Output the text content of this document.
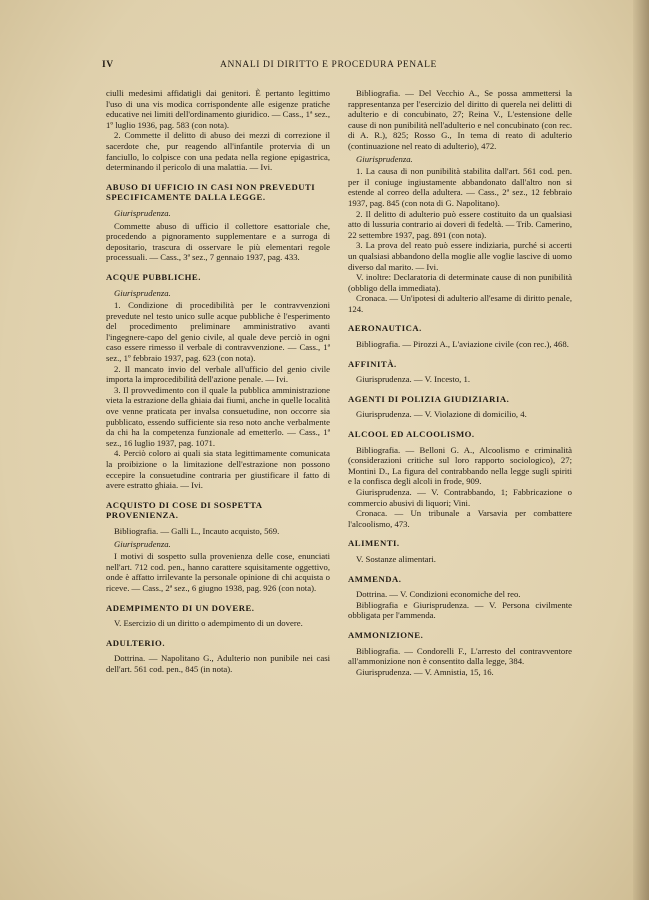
IV	ANNALI DI DIRITTO E PROCEDURA PENALE

ciulli medesimi affidatigli dai genitori. È pertanto legittimo l'uso di una vis modica corrispondente alle esigenze pratiche educative nei limiti dell'ordinamento giuridico. — Cass., 1ª sez., 1º luglio 1936, pag. 583 (con nota).

2. Commette il delitto di abuso dei mezzi di correzione il sacerdote che, pur reagendo all'infantile protervia di un fanciullo, lo colpisce con una pedata nella regione epigastrica, determinando il pericolo di una malattia. — Ivi.

ABUSO DI UFFICIO IN CASI NON PREVEDUTI SPECIFICAMENTE DALLA LEGGE.

Giurisprudenza.

Commette abuso di ufficio il collettore esattoriale che, procedendo a pignoramento supplementare e a surroga di depositario, trascura di osservare le più elementari regole processuali. — Cass., 3ª sez., 7 gennaio 1937, pag. 433.

ACQUE PUBBLICHE.

Giurisprudenza.

1. Condizione di procedibilità per le contravvenzioni prevedute nel testo unico sulle acque pubbliche è l'esperimento del procedimento preliminare amministrativo avanti l'ingegnere-capo del genio civile, al quale deve perciò in ogni caso essere rimesso il verbale di contravvenzione. — Cass., 1ª sez., 1º febbraio 1937, pag. 623 (con nota).

2. Il mancato invio del verbale all'ufficio del genio civile importa la improcedibilità dell'azione penale. — Ivi.

3. Il provvedimento con il quale la pubblica amministrazione vieta la estrazione della ghiaia dai fiumi, anche in quelle località ove venne praticata per invalsa consuetudine, non occorre sia pubblicato, essendo sufficiente sia reso noto anche verbalmente da chi ha la competenza funzionale ad emetterlo. — Cass., 1ª sez., 16 luglio 1937, pag. 1071.

4. Perciò coloro ai quali sia stata legittimamente comunicata la proibizione o la limitazione dell'estrazione non possono eccepire la consuetudine contraria per giustificare il fatto di avere estratto ghiaia. — Ivi.

ACQUISTO DI COSE DI SOSPETTA PROVENIENZA.

Bibliografia. — Galli L., Incauto acquisto, 569.

Giurisprudenza.

I motivi di sospetto sulla provenienza delle cose, enunciati nell'art. 712 cod. pen., hanno carattere squisitamente oggettivo, onde è affatto irrilevante la personale opinione di chi acquista o riceve. — Cass., 2ª sez., 6 giugno 1938, pag. 926 (con nota).

ADEMPIMENTO DI UN DOVERE.

V. Esercizio di un diritto o adempimento di un dovere.

ADULTERIO.

Dottrina. — Napolitano G., Adulterio non punibile nei casi dell'art. 561 cod. pen., 845 (in nota).

Bibliografia. — Del Vecchio A., Se possa ammettersi la rappresentanza per l'esercizio del diritto di querela nei delitti di adulterio e di concubinato, 27; Reina V., L'estensione delle cause di non punibilità nell'adulterio e nel concubinato (con rec. di A. R.), 825; Rosso G., In tema di reato di adulterio (continuazione nel reato di adulterio), 472.

Giurisprudenza.

1. La causa di non punibilità stabilita dall'art. 561 cod. pen. per il coniuge ingiustamente abbandonato dall'altro non si estende al correo della adultera. — Cass., 2ª sez., 12 febbraio 1937, pag. 845 (con nota di G. Napolitano).

2. Il delitto di adulterio può essere costituito da un qualsiasi atto di lussuria contrario ai doveri di fedeltà. — Trib. Camerino, 22 settembre 1937, pag. 891 (con nota).

3. La prova del reato può essere indiziaria, purché si accerti un qualsiasi abbandono della moglie alle voglie lascive di uomo diverso dal marito. — Ivi.

V. inoltre: Declaratoria di determinate cause di non punibilità (obbligo della immediata).

Cronaca. — Un'ipotesi di adulterio all'esame di diritto penale, 124.

AERONAUTICA.

Bibliografia. — Pirozzi A., L'aviazione civile (con rec.), 468.

AFFINITÀ.

Giurisprudenza. — V. Incesto, 1.

AGENTI DI POLIZIA GIUDIZIARIA.

Giurisprudenza. — V. Violazione di domicilio, 4.

ALCOOL ED ALCOOLISMO.

Bibliografia. — Belloni G. A., Alcoolismo e criminalità (considerazioni critiche sul loro rapporto sociologico), 27; Montini D., La figura del contrabbando nella legge sugli spiriti e la confisca degli alcoli in frode, 909.

Giurisprudenza. — V. Contrabbando, 1; Fabbricazione o commercio abusivi di liquori; Vini.

Cronaca. — Un tribunale a Varsavia per combattere l'alcoolismo, 473.

ALIMENTI.

V. Sostanze alimentari.

AMMENDA.

Dottrina. — V. Condizioni economiche del reo.

Bibliografia e Giurisprudenza. — V. Persona civilmente obbligata per l'ammenda.

AMMONIZIONE.

Bibliografia. — Condorelli F., L'arresto del contravventore all'ammonizione non è consentito dalla legge, 384.

Giurisprudenza. — V. Amnistia, 15, 16.
